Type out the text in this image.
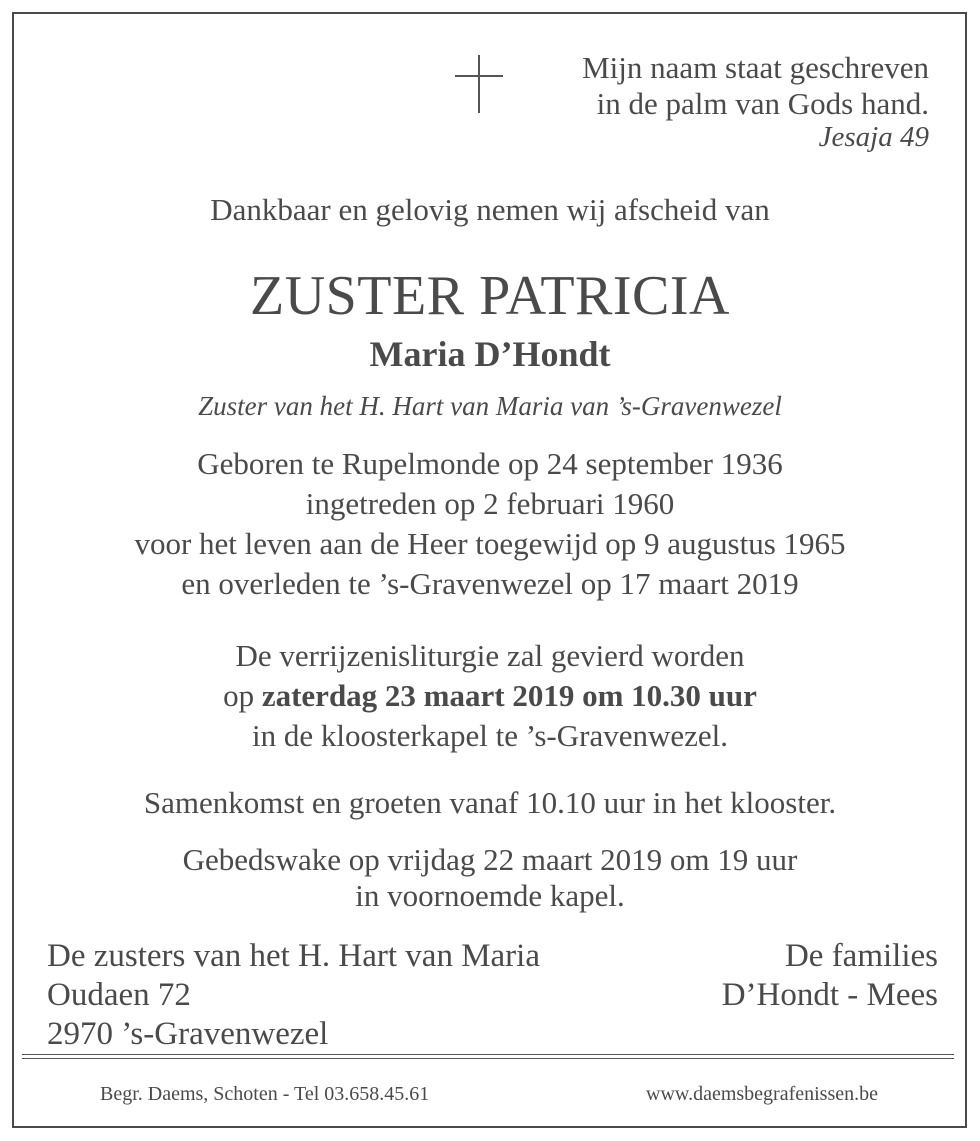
Mijn naam staat geschreven
in de palm van Gods hand.
Jesaja 49
Dankbaar en gelovig nemen wij afscheid van
ZUSTER PATRICIA
Maria D’Hondt
Zuster van het H. Hart van Maria van ’s-Gravenwezel
Geboren te Rupelmonde op 24 september 1936
ingetreden op 2 februari 1960
voor het leven aan de Heer toegewijd op 9 augustus 1965
en overleden te ’s-Gravenwezel op 17 maart 2019
De verrijzenisliturgie zal gevierd worden
op zaterdag 23 maart 2019 om 10.30 uur
in de kloosterkapel te ’s-Gravenwezel.
Samenkomst en groeten vanaf 10.10 uur in het klooster.
Gebedswake op vrijdag 22 maart 2019 om 19 uur
in voornoemde kapel.
De zusters van het H. Hart van Maria
Oudaen 72
2970 ’s-Gravenwezel
De families
D’Hondt - Mees
Begr. Daems, Schoten - Tel 03.658.45.61	www.daemsbegrafenissen.be
